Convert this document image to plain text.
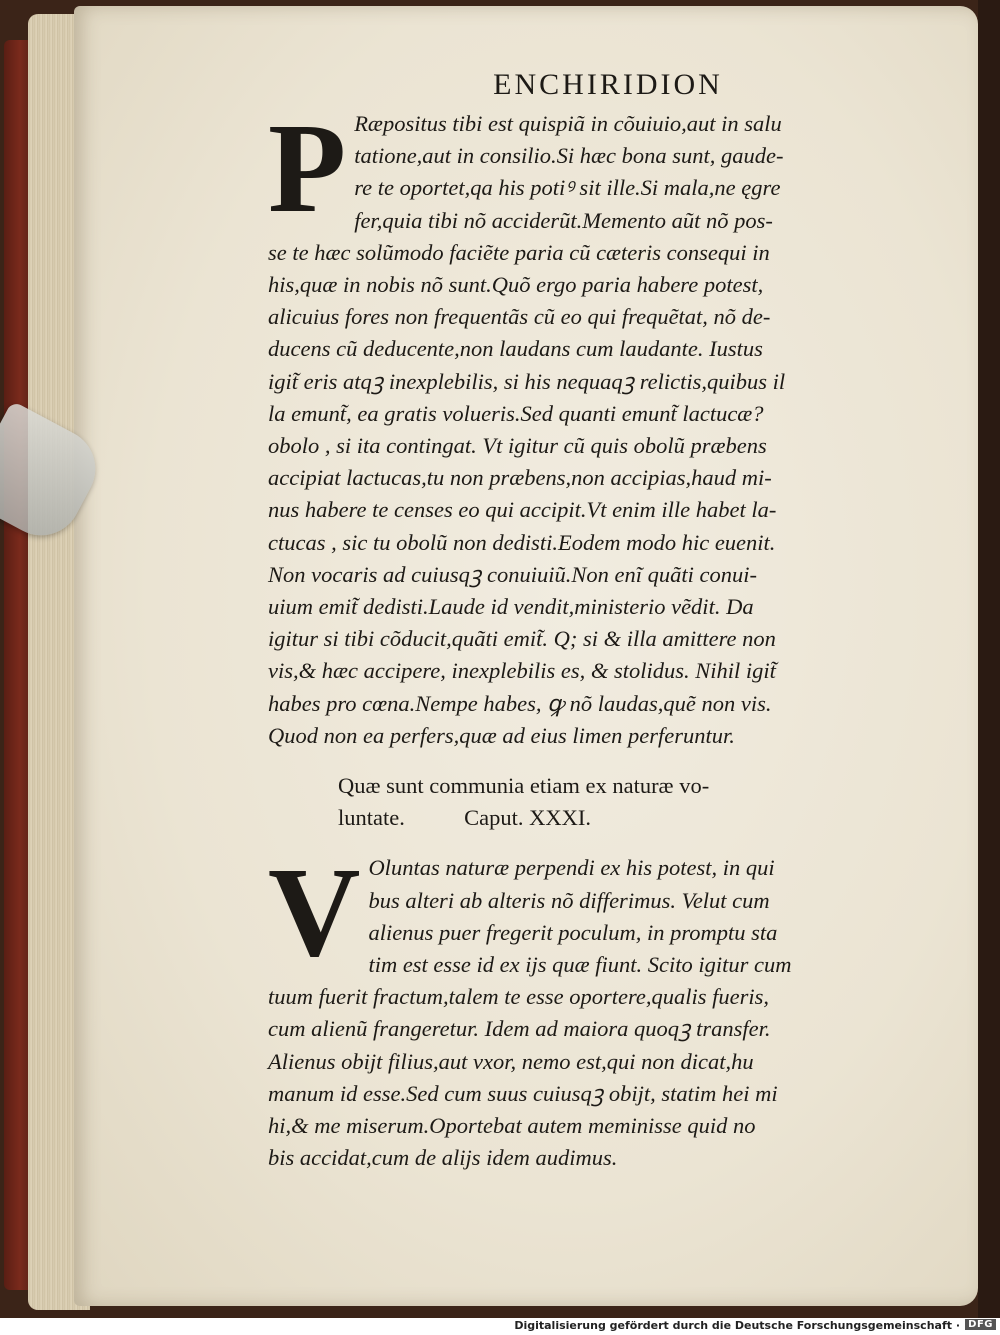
ENCHIRIDION
P Ræpositus tibi est quispiã in cõuiuio,aut in salu
tatione,aut in consilio.Si hæc bona sunt, gaude-
re te oportet,qa his potiꝰ sit ille.Si mala,ne ęgre
fer,quia tibi nõ acciderũt.Memento aũt nõ pos-
se te hæc solũmodo faciẽte paria cũ cæteris consequi in
his,quæ in nobis nõ sunt.Quõ ergo paria habere potest,
alicuius fores non frequentãs cũ eo qui frequẽtat, nõ de-
ducens cũ deducente,non laudans cum laudante. Iustus
igit̃ eris atqꝫ inexplebilis, si his nequaqꝫ relictis,quibus il
la emunt̃, ea gratis volueris.Sed quanti emunt̃ lactucæ?
obolo , si ita contingat. Vt igitur cũ quis obolũ præbens
accipiat lactucas,tu non præbens,non accipias,haud mi-
nus habere te censes eo qui accipit.Vt enim ille habet la-
ctucas , sic tu obolũ non dedisti.Eodem modo hic euenit.
Non vocaris ad cuiusqꝫ conuiuiũ.Non enĩ quãti conui-
uium emit̃ dedisti.Laude id vendit,ministerio vẽdit. Da
igitur si tibi cõducit,quãti emit̃. Q; si & illa amittere non
vis,& hæc accipere, inexplebilis es, & stolidus. Nihil igit̃
habes pro cœna.Nempe habes, ꝙ nõ laudas,quẽ non vis.
Quod non ea perfers,quæ ad eius limen perferuntur.
Quæ sunt communia etiam ex naturæ vo-
luntate.	Caput. XXXI.
V Oluntas naturæ perpendi ex his potest, in qui
bus alteri ab alteris nõ differimus. Velut cum
alienus puer fregerit poculum, in promptu sta
tim est esse id ex ijs quæ fiunt. Scito igitur cum
tuum fuerit fractum,talem te esse oportere,qualis fueris,
cum alienũ frangeretur. Idem ad maiora quoqꝫ transfer.
Alienus obijt filius,aut vxor, nemo est,qui non dicat,hu
manum id esse.Sed cum suus cuiusqꝫ obijt, statim hei mi
hi,& me miserum.Oportebat autem meminisse quid no
bis accidat,cum de alijs idem audimus.
Digitalisierung gefördert durch die Deutsche Forschungsgemeinschaft · DFG
